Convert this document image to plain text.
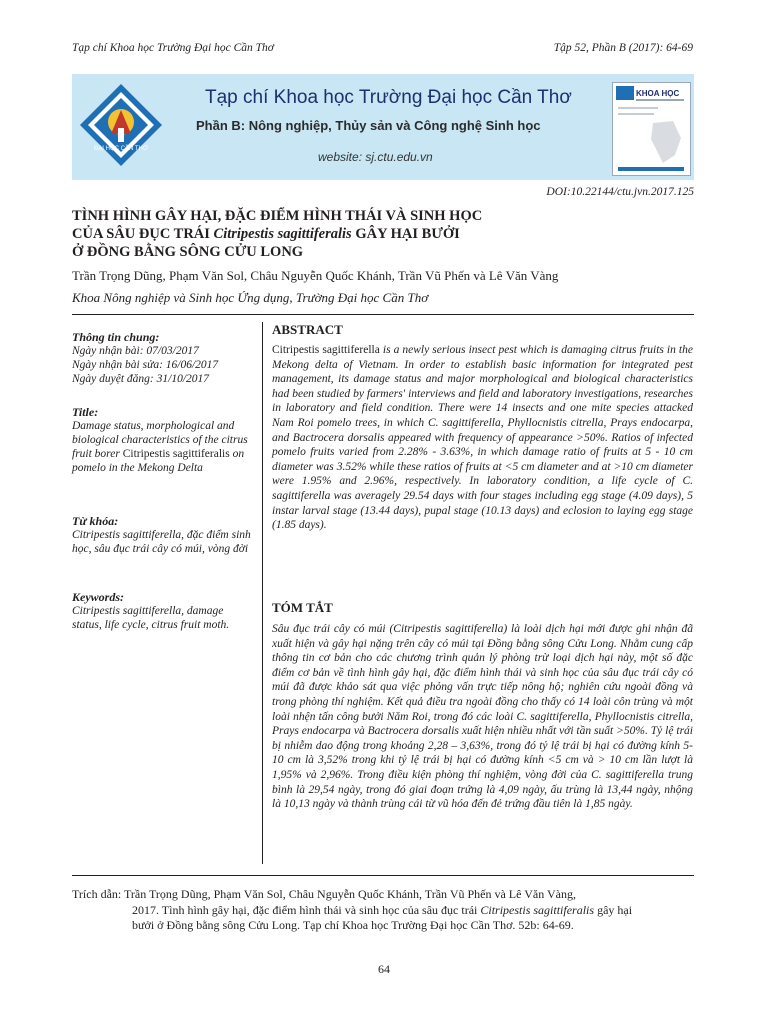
Tạp chí Khoa học Trường Đại học Cần Thơ	Tập 52, Phần B (2017): 64-69
ĐẠI HỌC CẦN THƠ
Tạp chí Khoa học Trường Đại học Cần Thơ
Phần B: Nông nghiệp, Thủy sản và Công nghệ Sinh học
website: sj.ctu.edu.vn
KHOA HỌC
DOI:10.22144/ctu.jvn.2017.125
TÌNH HÌNH GÂY HẠI, ĐẶC ĐIỂM HÌNH THÁI VÀ SINH HỌC
CỦA SÂU ĐỤC TRÁI Citripestis sagittiferalis GÂY HẠI BƯỞI
Ở ĐỒNG BẰNG SÔNG CỬU LONG
Trần Trọng Dũng, Phạm Văn Sol, Châu Nguyễn Quốc Khánh, Trần Vũ Phến và Lê Văn Vàng
Khoa Nông nghiệp và Sinh học Ứng dụng, Trường Đại học Cần Thơ
Thông tin chung:
Ngày nhận bài: 07/03/2017
Ngày nhận bài sửa: 16/06/2017
Ngày duyệt đăng: 31/10/2017
Title:
Damage status, morphological and biological characteristics of the citrus fruit borer Citripestis sagittiferalis on pomelo in the Mekong Delta
Từ khóa:
Citripestis sagittiferella, đặc điểm sinh học, sâu đục trái cây có múi, vòng đời
Keywords:
Citripestis sagittiferella, damage status, life cycle, citrus fruit moth.
ABSTRACT
Citripestis sagittiferella is a newly serious insect pest which is damaging citrus fruits in the Mekong delta of Vietnam. In order to establish basic information for integrated pest management, its damage status and major morphological and biological characteristics had been studied by farmers' interviews and field and laboratory investigations, researches in laboratory and field condition. There were 14 insects and one mite species attacked Nam Roi pomelo trees, in which C. sagittiferella, Phyllocnistis citrella, Prays endocarpa, and Bactrocera dorsalis appeared with frequency of appearance >50%. Ratios of infected pomelo fruits varied from 2.28% - 3.63%, in which damage ratio of fruits at 5 - 10 cm diameter was 3.52% while these ratios of fruits at <5 cm diameter and at >10 cm diameter were 1.95% and 2.96%, respectively. In laboratory condition, a life cycle of C. sagittiferella was averagely 29.54 days with four stages including egg stage (4.09 days), 5 instar larval stage (13.44 days), pupal stage (10.13 days) and eclosion to laying egg stage (1.85 days).
TÓM TẮT
Sâu đục trái cây có múi (Citripestis sagittiferella) là loài dịch hại mới được ghi nhận đã xuất hiện và gây hại nặng trên cây có múi tại Đồng bằng sông Cửu Long. Nhằm cung cấp thông tin cơ bản cho các chương trình quản lý phòng trừ loại dịch hại này, một số đặc điểm cơ bản về tình hình gây hại, đặc điểm hình thái và sinh học của sâu đục trái cây có múi đã được khảo sát qua việc phỏng vấn trực tiếp nông hộ; nghiên cứu ngoài đồng và trong phòng thí nghiệm. Kết quả điều tra ngoài đồng cho thấy có 14 loài côn trùng và một loài nhện tấn công bưởi Năm Roi, trong đó các loài C. sagittiferella, Phyllocnistis citrella, Prays endocarpa và Bactrocera dorsalis xuất hiện nhiều nhất với tần suất >50%. Tỷ lệ trái bị nhiễm dao động trong khoảng 2,28 – 3,63%, trong đó tỷ lệ trái bị hại có đường kính 5-10 cm là 3,52% trong khi tỷ lệ trái bị hại có đường kính <5 cm và > 10 cm lần lượt là 1,95% và 2,96%. Trong điều kiện phòng thí nghiệm, vòng đời của C. sagittiferella trung bình là 29,54 ngày, trong đó giai đoạn trứng là 4,09 ngày, ấu trùng là 13,44 ngày, nhộng là 10,13 ngày và thành trùng cái từ vũ hóa đến đẻ trứng đầu tiên là 1,85 ngày.
Trích dẫn: Trần Trọng Dũng, Phạm Văn Sol, Châu Nguyễn Quốc Khánh, Trần Vũ Phến và Lê Văn Vàng,
2017. Tình hình gây hại, đặc điểm hình thái và sinh học của sâu đục trái Citripestis sagittiferalis gây hại
bưởi ở Đồng bằng sông Cửu Long. Tạp chí Khoa học Trường Đại học Cần Thơ. 52b: 64-69.
64
